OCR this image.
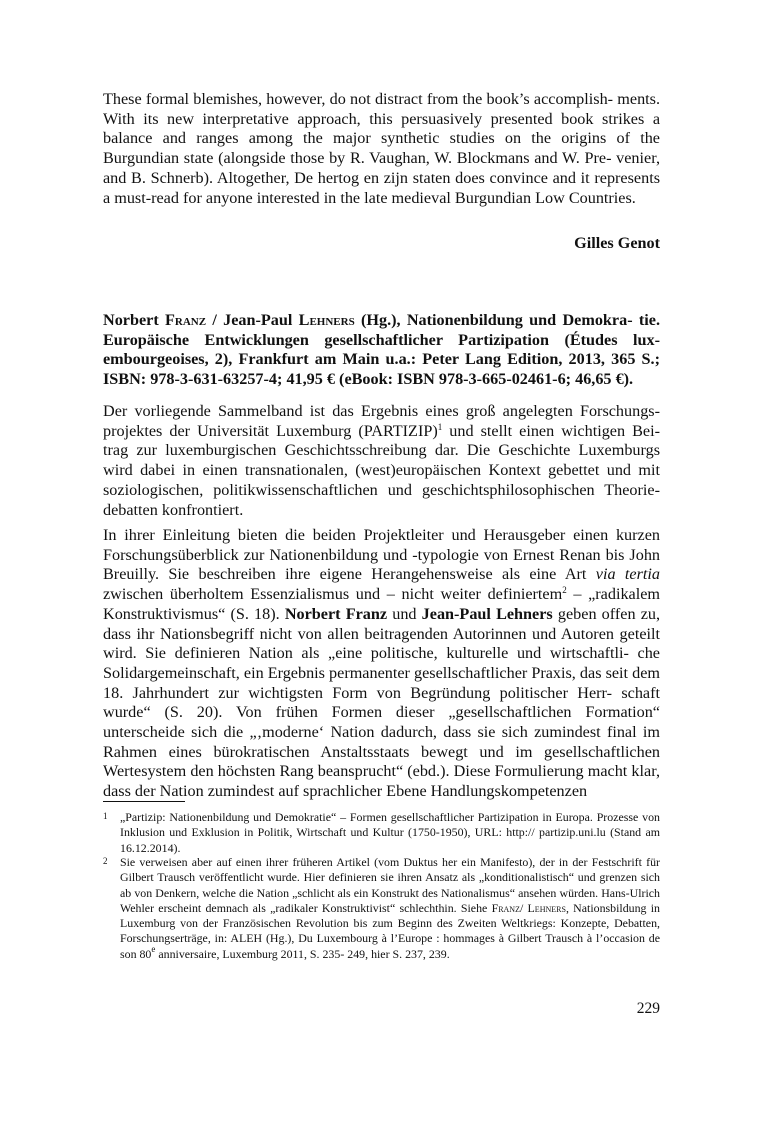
These formal blemishes, however, do not distract from the book’s accomplish- ments. With its new interpretative approach, this persuasively presented book strikes a balance and ranges among the major synthetic studies on the origins of the Burgundian state (alongside those by R. Vaughan, W. Blockmans and W. Pre- venier, and B. Schnerb). Altogether, De hertog en zijn staten does convince and it represents a must-read for anyone interested in the late medieval Burgundian Low Countries.

Gilles Genot
Norbert Franz / Jean-Paul Lehners (Hg.), Nationenbildung und Demokra- tie. Europäische Entwicklungen gesellschaftlicher Partizipation (Études lux- embourgeoises, 2), Frankfurt am Main u.a.: Peter Lang Edition, 2013, 365 S.; ISBN: 978-3-631-63257-4; 41,95 € (eBook: ISBN 978-3-665-02461-6; 46,65 €).

Der vorliegende Sammelband ist das Ergebnis eines groß angelegten Forschungs- projektes der Universität Luxemburg (PARTIZIP)$^1$ und stellt einen wichtigen Bei- trag zur luxemburgischen Geschichtsschreibung dar. Die Geschichte Luxemburgs wird dabei in einen transnationalen, (west)europäischen Kontext gebettet und mit soziologischen, politikwissenschaftlichen und geschichtsphilosophischen Theorie- debatten konfrontiert.

In ihrer Einleitung bieten die beiden Projektleiter und Herausgeber einen kurzen Forschungsüberblick zur Nationenbildung und -typologie von Ernest Renan bis John Breuilly. Sie beschreiben ihre eigene Herangehensweise als eine Art via tertia zwischen überholtem Essenzialismus und – nicht weiter definiertem$^2$ – „radikalem Konstruktivismus“ (S. 18). Norbert Franz und Jean-Paul Lehners geben offen zu, dass ihr Nationsbegriff nicht von allen beitragenden Autorinnen und Autoren geteilt wird. Sie definieren Nation als „eine politische, kulturelle und wirtschaftli- che Solidargemeinschaft, ein Ergebnis permanenter gesellschaftlicher Praxis, das seit dem 18. Jahrhundert zur wichtigsten Form von Begründung politischer Herr- schaft wurde“ (S. 20). Von frühen Formen dieser „gesellschaftlichen Formation“ unterscheide sich die „‚moderne‘ Nation dadurch, dass sie sich zumindest final im Rahmen eines bürokratischen Anstaltsstaats bewegt und im gesellschaftlichen Wertesystem den höchsten Rang beansprucht“ (ebd.). Diese Formulierung macht klar, dass der Nation zumindest auf sprachlicher Ebene Handlungskompetenzen

1 „Partizip: Nationenbildung und Demokratie“ – Formen gesellschaftlicher Partizipation in Europa. Prozesse von Inklusion und Exklusion in Politik, Wirtschaft und Kultur (1750-1950), URL: http:// partizip.uni.lu (Stand am 16.12.2014).
2 Sie verweisen aber auf einen ihrer früheren Artikel (vom Duktus her ein Manifesto), der in der Festschrift für Gilbert Trausch veröffentlicht wurde. Hier definieren sie ihren Ansatz als „konditionalistisch“ und grenzen sich ab von Denkern, welche die Nation „schlicht als ein Konstrukt des Nationalismus“ ansehen würden. Hans-Ulrich Wehler erscheint demnach als „radikaler Konstruktivist“ schlechthin. Siehe Franz/ Lehners, Nationsbildung in Luxemburg von der Französischen Revolution bis zum Beginn des Zweiten Weltkriegs: Konzepte, Debatten, Forschungserträge, in: ALEH (Hg.), Du Luxembourg à l’Europe : hommages à Gilbert Trausch à l’occasion de son 80e anniversaire, Luxemburg 2011, S. 235- 249, hier S. 237, 239.
229
